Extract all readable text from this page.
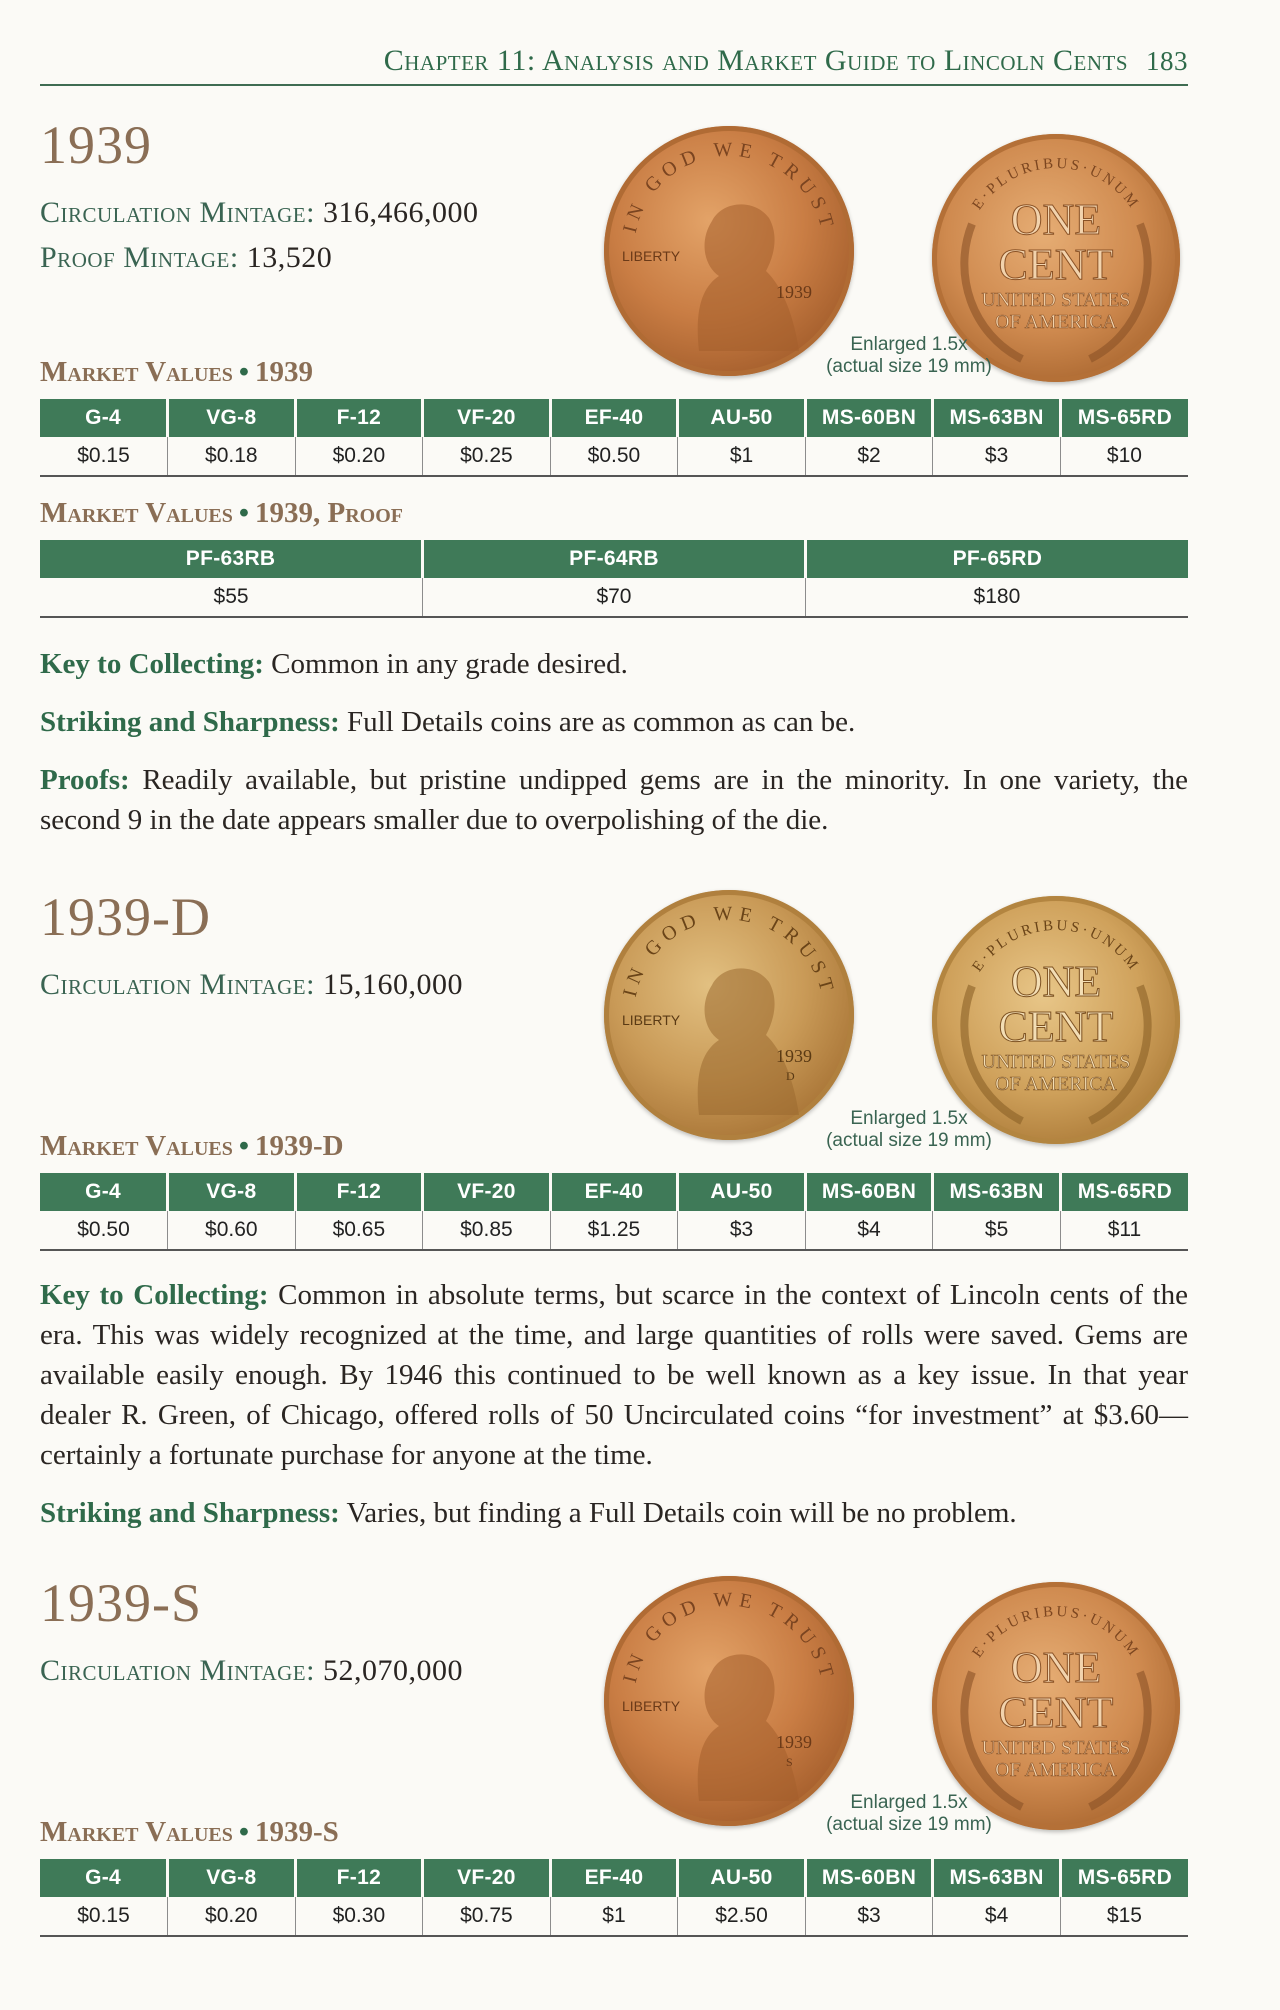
Chapter 11: Analysis and Market Guide to Lincoln Cents 183
1939
Circulation Mintage: 316,466,000
Proof Mintage: 13,520
IN GOD WE TRUST
LIBERTY
1939
E·PLURIBUS·UNUM
ONE
CENT
UNITED STATES
OF AMERICA
Enlarged 1.5x
(actual size 19 mm)
Market Values • 1939
G-4	VG-8	F-12	VF-20	EF-40	AU-50	MS-60BN	MS-63BN	MS-65RD
$0.15	$0.18	$0.20	$0.25	$0.50	$1	$2	$3	$10
Market Values • 1939, Proof
PF-63RB	PF-64RB	PF-65RD
$55	$70	$180

Key to Collecting: Common in any grade desired.

Striking and Sharpness: Full Details coins are as common as can be.

Proofs: Readily available, but pristine undipped gems are in the minority. In one variety, the second 9 in the date appears smaller due to overpolishing of the die.

1939-D
Circulation Mintage: 15,160,000	IN GOD WE TRUST
LIBERTY
1939
D
E·PLURIBUS·UNUM
ONE
CENT
UNITED STATES
OF AMERICA
Enlarged 1.5x
(actual size 19 mm)
Market Values • 1939-D
G-4	VG-8	F-12	VF-20	EF-40	AU-50	MS-60BN	MS-63BN	MS-65RD
$0.50	$0.60	$0.65	$0.85	$1.25	$3	$4	$5	$11

Key to Collecting: Common in absolute terms, but scarce in the context of Lincoln cents of the era. This was widely recognized at the time, and large quantities of rolls were saved. Gems are available easily enough. By 1946 this continued to be well known as a key issue. In that year dealer R. Green, of Chicago, offered rolls of 50 Uncirculated coins “for investment” at $3.60—certainly a fortunate purchase for anyone at the time.

Striking and Sharpness: Varies, but finding a Full Details coin will be no problem.

1939-S
Circulation Mintage: 52,070,000	IN GOD WE TRUST
LIBERTY
1939
S
E·PLURIBUS·UNUM
ONE
CENT
UNITED STATES
OF AMERICA
Enlarged 1.5x
(actual size 19 mm)
Market Values • 1939-S
G-4	VG-8	F-12	VF-20	EF-40	AU-50	MS-60BN	MS-63BN	MS-65RD
$0.15	$0.20	$0.30	$0.75	$1	$2.50	$3	$4	$15
